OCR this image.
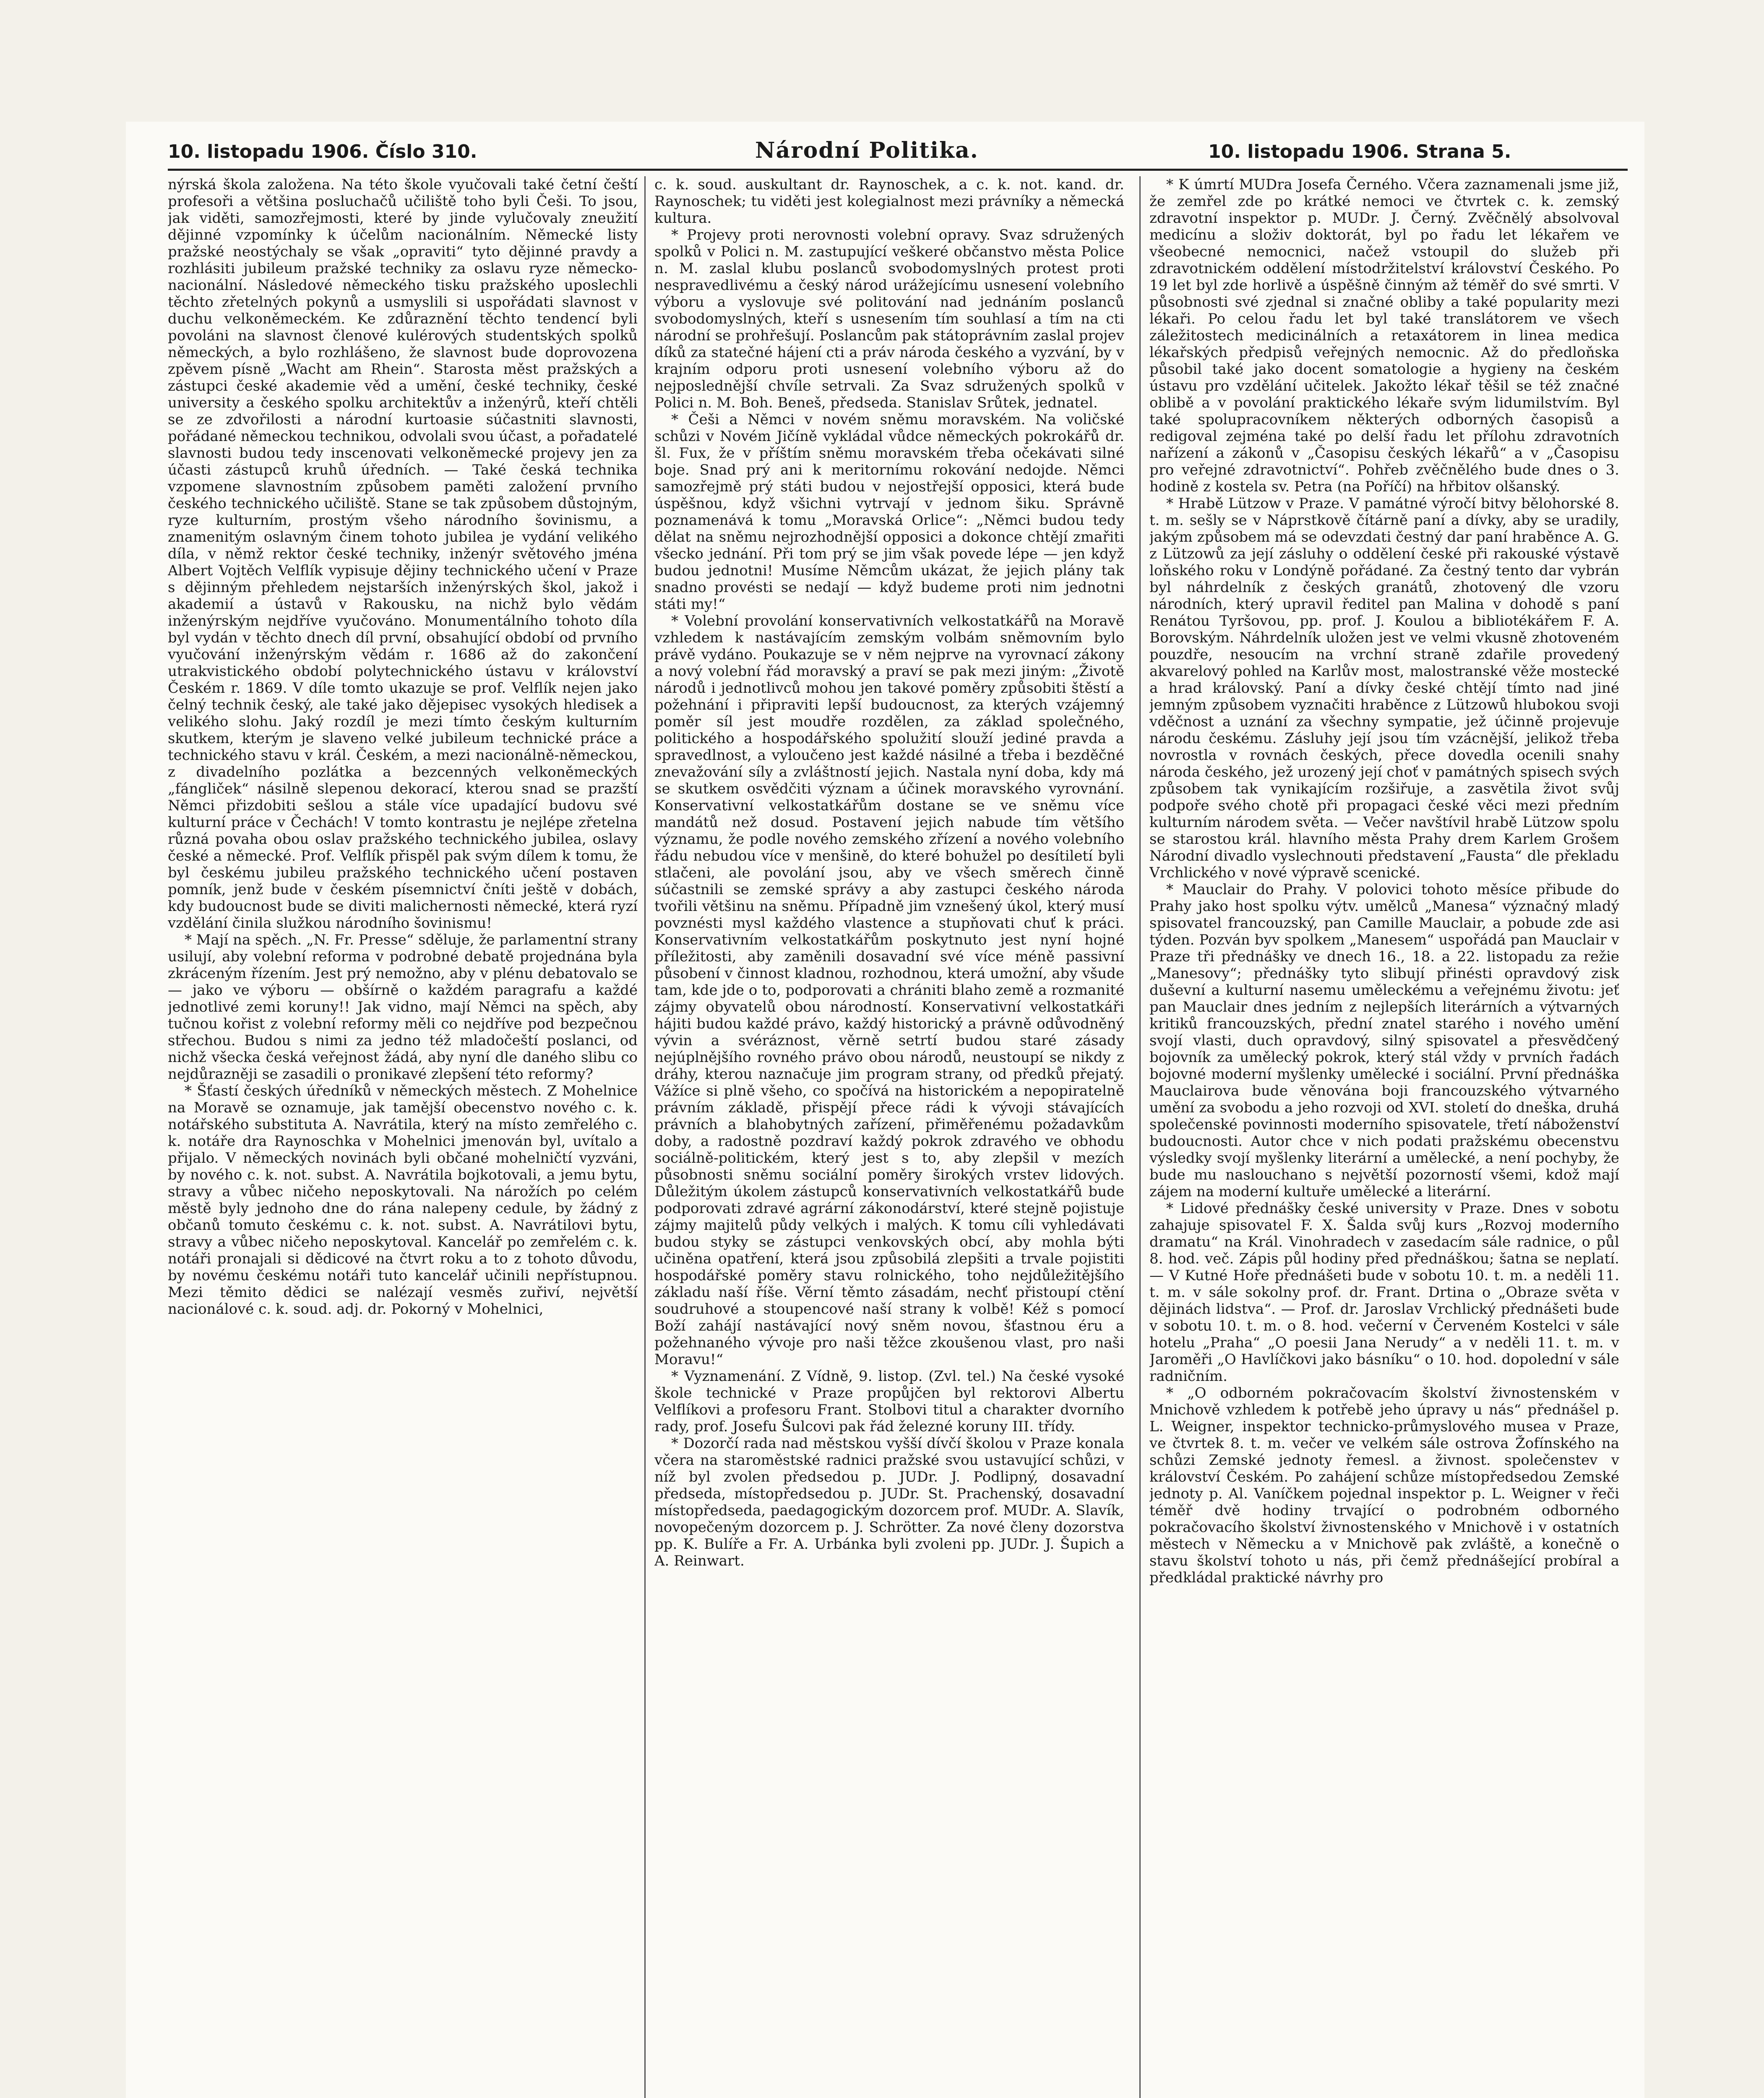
10. listopadu 1906. Číslo 310.	Národní Politika.	10. listopadu 1906. Strana 5.

nýrská škola založena. Na této škole vyučovali také četní čeští profesoři a většina posluchačů učiliště toho byli Češi. To jsou, jak viděti, samozřejmosti, které by jinde vylučovaly zneužití dějinné vzpomínky k účelům nacionálním. Německé listy pražské neostýchaly se však „opraviti“ tyto dějinné pravdy a rozhlásiti jubileum pražské techniky za oslavu ryze německo-nacionální. Následové německého tisku pražského uposlechli těchto zřetelných pokynů a usmyslili si uspořádati slavnost v duchu velkoněmeckém. Ke zdůraznění těchto tendencí byli povoláni na slavnost členové kulérových studentských spolků německých, a bylo rozhlášeno, že slavnost bude doprovozena zpěvem písně „Wacht am Rhein“. Starosta měst pražských a zástupci české akademie věd a umění, české techniky, české university a českého spolku architektův a inženýrů, kteří chtěli se ze zdvořilosti a národní kurtoasie súčastniti slavnosti, pořádané německou technikou, odvolali svou účast, a pořadatelé slavnosti budou tedy inscenovati velkoněmecké projevy jen za účasti zástupců kruhů úředních. — Také česká technika vzpomene slavnostním způsobem paměti založení prvního českého technického učiliště. Stane se tak způsobem důstojným, ryze kulturním, prostým všeho národního šovinismu, a znamenitým oslavným činem tohoto jubilea je vydání velikého díla, v němž rektor české techniky, inženýr světového jména Albert Vojtěch Velflík vypisuje dějiny technického učení v Praze s dějinným přehledem nejstarších inženýrských škol, jakož i akademií a ústavů v Rakousku, na nichž bylo vědám inženýrským nejdříve vyučováno. Monumentálního tohoto díla byl vydán v těchto dnech díl první, obsahující období od prvního vyučování inženýrským vědám r. 1686 až do zakončení utrakvistického období polytechnického ústavu v království Českém r. 1869. V díle tomto ukazuje se prof. Velflík nejen jako čelný technik český, ale také jako dějepisec vysokých hledisek a velikého slohu. Jaký rozdíl je mezi tímto českým kulturním skutkem, kterým je slaveno velké jubileum technické práce a technického stavu v král. Českém, a mezi nacionálně-německou, z divadelního pozlátka a bezcenných velkoněmeckých „fángliček“ násilně slepenou dekorací, kterou snad se prazští Němci přizdobiti sešlou a stále více upadající budovu své kulturní práce v Čechách! V tomto kontrastu je nejlépe zřetelna různá povaha obou oslav pražského technického jubilea, oslavy české a německé. Prof. Velflík přispěl pak svým dílem k tomu, že byl českému jubileu pražského technického učení postaven pomník, jenž bude v českém písemnictví čníti ještě v dobách, kdy budoucnost bude se diviti malichernosti německé, která ryzí vzdělání činila služkou národního šovinismu!

* Mají na spěch. „N. Fr. Presse“ sděluje, že parlamentní strany usilují, aby volební reforma v podrobné debatě projednána byla zkráceným řízením. Jest prý nemožno, aby v plénu debatovalo se — jako ve výboru — obšírně o každém paragrafu a každé jednotlivé zemi koruny!! Jak vidno, mají Němci na spěch, aby tučnou kořist z volební reformy měli co nejdříve pod bezpečnou střechou. Budou s nimi za jedno též mladočeští poslanci, od nichž všecka česká veřejnost žádá, aby nyní dle daného slibu co nejdůrazněji se zasadili o pronikavé zlepšení této reformy?

* Šťastí českých úředníků v německých městech. Z Mohelnice na Moravě se oznamuje, jak tamější obecenstvo nového c. k. notářského substituta A. Navrátila, který na místo zemřelého c. k. notáře dra Raynoschka v Mohelnici jmenován byl, uvítalo a přijalo. V německých novinách byli občané mohelničtí vyzváni, by nového c. k. not. subst. A. Navrátila bojkotovali, a jemu bytu, stravy a vůbec ničeho neposkytovali. Na nárožích po celém městě byly jednoho dne do rána nalepeny cedule, by žádný z občanů tomuto českému c. k. not. subst. A. Navrátilovi bytu, stravy a vůbec ničeho neposkytoval. Kancelář po zemřelém c. k. notáři pronajali si dědicové na čtvrt roku a to z tohoto důvodu, by novému českému notáři tuto kancelář učinili nepřístupnou. Mezi těmito dědici se nalézají vesměs zuřiví, největší nacionálové c. k. soud. adj. dr. Pokorný v Mohelnici,

c. k. soud. auskultant dr. Raynoschek, a c. k. not. kand. dr. Raynoschek; tu viděti jest kolegialnost mezi právníky a německá kultura.

* Projevy proti nerovnosti volební opravy. Svaz sdružených spolků v Polici n. M. zastupující veškeré občanstvo města Police n. M. zaslal klubu poslanců svobodomyslných protest proti nespravedlivému a český národ urážejícímu usnesení volebního výboru a vyslovuje své politování nad jednáním poslanců svobodomyslných, kteří s usnesením tím souhlasí a tím na cti národní se prohřešují. Poslancům pak státoprávním zaslal projev díků za statečné hájení cti a práv národa českého a vyzvání, by v krajním odporu proti usnesení volebního výboru až do nejposlednější chvíle setrvali. Za Svaz sdružených spolků v Polici n. M. Boh. Beneš, předseda. Stanislav Srůtek, jednatel.

* Češi a Němci v novém sněmu moravském. Na voličské schůzi v Novém Jičíně vykládal vůdce německých pokrokářů dr. šl. Fux, že v příštím sněmu moravském třeba očekávati silné boje. Snad prý ani k meritornímu rokování nedojde. Němci samozřejmě prý státi budou v nejostřejší opposici, která bude úspěšnou, když všichni vytrvají v jednom šiku. Správně poznamenává k tomu „Moravská Orlice“: „Němci budou tedy dělat na sněmu nejrozhodnější opposici a dokonce chtějí zmařiti všecko jednání. Při tom prý se jim však povede lépe — jen když budou jednotni! Musíme Němcům ukázat, že jejich plány tak snadno provésti se nedají — když budeme proti nim jednotni státi my!“

* Volební provolání konservativních velkostatkářů na Moravě vzhledem k nastávajícím zemským volbám sněmovním bylo právě vydáno. Poukazuje se v něm nejprve na vyrovnací zákony a nový volební řád moravský a praví se pak mezi jiným: „Životě národů i jednotlivců mohou jen takové poměry způsobiti štěstí a požehnání i připraviti lepší budoucnost, za kterých vzájemný poměr síl jest moudře rozdělen, za základ společného, politického a hospodářského spolužití slouží jediné pravda a spravedlnost, a vyloučeno jest každé násilné a třeba i bezděčné znevažování síly a zvláštností jejich. Nastala nyní doba, kdy má se skutkem osvědčiti význam a účinek moravského vyrovnání. Konservativní velkostatkářům dostane se ve sněmu více mandátů než dosud. Postavení jejich nabude tím většího významu, že podle nového zemského zřízení a nového volebního řádu nebudou více v menšině, do které bohužel po desítiletí byli stlačeni, ale povolání jsou, aby ve všech směrech činně súčastnili se zemské správy a aby zastupci českého národa tvořili většinu na sněmu. Případně jim vznešený úkol, který musí povznésti mysl každého vlastence a stupňovati chuť k práci. Konservativním velkostatkářům poskytnuto jest nyní hojné příležitosti, aby zaměnili dosavadní své více méně passivní působení v činnost kladnou, rozhodnou, která umožní, aby všude tam, kde jde o to, podporovati a chrániti blaho země a rozmanité zájmy obyvatelů obou národností. Konservativní velkostatkáři hájiti budou každé právo, každý historický a právně odůvodněný vývin a svéráznost, věrně setrtí budou staré zásady nejúplnějšího rovného právo obou národů, neustoupí se nikdy z dráhy, kterou naznačuje jim program strany, od předků přejatý. Vážíce si plně všeho, co spočívá na historickém a nepopiratelně právním základě, přispějí přece rádi k vývoji stávajících právních a blahobytných zařízení, přiměřenému požadavkům doby, a radostně pozdraví každý pokrok zdravého ve obhodu sociálně-politickém, který jest s to, aby zlepšil v mezích působnosti sněmu sociální poměry širokých vrstev lidových. Důležitým úkolem zástupců konservativních velkostatkářů bude podporovati zdravé agrární zákonodárství, které stejně pojistuje zájmy majitelů půdy velkých i malých. K tomu cíli vyhledávati budou styky se zástupci venkovských obcí, aby mohla býti učiněna opatření, která jsou způsobilá zlepšiti a trvale pojistiti hospodářské poměry stavu rolnického, toho nejdůležitějšího základu naší říše. Věrní těmto zásadám, nechť přistoupí ctění soudruhové a stoupencové naší strany k volbě! Kéž s pomocí Boží zahájí nastávající nový sněm novou, šťastnou éru a požehnaného vývoje pro naši těžce zkoušenou vlast, pro naši Moravu!“

* Vyznamenání. Z Vídně, 9. listop. (Zvl. tel.) Na české vysoké škole technické v Praze propůjčen byl rektorovi Albertu Velflíkovi a profesoru Frant. Stolbovi titul a charakter dvorního rady, prof. Josefu Šulcovi pak řád železné koruny III. třídy.

* Dozorčí rada nad městskou vyšší dívčí školou v Praze konala včera na staroměstské radnici pražské svou ustavující schůzi, v níž byl zvolen předsedou p. JUDr. J. Podlipný, dosavadní předseda, místopředsedou p. JUDr. St. Prachenský, dosavadní místopředseda, paedagogickým dozorcem prof. MUDr. A. Slavík, novopečeným dozorcem p. J. Schrötter. Za nové členy dozorstva pp. K. Bulíře a Fr. A. Urbánka byli zvoleni pp. JUDr. J. Šupich a A. Reinwart.

* K úmrtí MUDra Josefa Černého. Včera zaznamenali jsme již, že zemřel zde po krátké nemoci ve čtvrtek c. k. zemský zdravotní inspektor p. MUDr. J. Černý. Zvěčnělý absolvoval medicínu a složiv doktorát, byl po řadu let lékařem ve všeobecné nemocnici, načež vstoupil do služeb při zdravotnickém oddělení místodržitelství království Českého. Po 19 let byl zde horlivě a úspěšně činným až téměř do své smrti. V působnosti své zjednal si značné obliby a také popularity mezi lékaři. Po celou řadu let byl také translátorem ve všech záležitostech medicinálních a retaxátorem in linea medica lékařských předpisů veřejných nemocnic. Až do předloňska působil také jako docent somatologie a hygieny na českém ústavu pro vzdělání učitelek. Jakožto lékař těšil se též značné oblibě a v povolání praktického lékaře svým lidumilstvím. Byl také spolupracovníkem některých odborných časopisů a redigoval zejména také po delší řadu let přílohu zdravotních nařízení a zákonů v „Časopisu českých lékařů“ a v „Časopisu pro veřejné zdravotnictví“. Pohřeb zvěčnělého bude dnes o 3. hodině z kostela sv. Petra (na Poříčí) na hřbitov olšanský.

* Hrabě Lützow v Praze. V památné výročí bitvy bělohorské 8. t. m. sešly se v Náprstkově čítárně paní a dívky, aby se uradily, jakým způsobem má se odevzdati čestný dar paní hraběnce A. G. z Lützowů za její zásluhy o oddělení české při rakouské výstavě loňského roku v Londýně pořádané. Za čestný tento dar vybrán byl náhrdelník z českých granátů, zhotovený dle vzoru národních, který upravil ředitel pan Malina v dohodě s paní Renátou Tyršovou, pp. prof. J. Koulou a bibliotékářem F. A. Borovským. Náhrdelník uložen jest ve velmi vkusně zhotoveném pouzdře, nesoucím na vrchní straně zdařile provedený akvarelový pohled na Karlův most, malostranské věže mostecké a hrad královský. Paní a dívky české chtějí tímto nad jiné jemným způsobem vyznačiti hraběnce z Lützowů hlubokou svoji vděčnost a uznání za všechny sympatie, jež účinně projevuje národu českému. Zásluhy její jsou tím vzácnější, jelikož třeba novrostla v rovnách českých, přece dovedla ocenili snahy národa českého, jež urozený její choť v památných spisech svých způsobem tak vynikajícím rozšiřuje, a zasvětila život svůj podpoře svého chotě při propagaci české věci mezi předním kulturním národem světa. — Večer navštívil hrabě Lützow spolu se starostou král. hlavního města Prahy drem Karlem Grošem Národní divadlo vyslechnouti představení „Fausta“ dle překladu Vrchlického v nové výpravě scenické.

* Mauclair do Prahy. V polovici tohoto měsíce přibude do Prahy jako host spolku výtv. umělců „Manesa“ význačný mladý spisovatel francouzský, pan Camille Mauclair, a pobude zde asi týden. Pozván byv spolkem „Manesem“ uspořádá pan Mauclair v Praze tři přednášky ve dnech 16., 18. a 22. listopadu za režie „Manesovy“; přednášky tyto slibují přinésti opravdový zisk duševní a kulturní nasemu uměleckému a veřejnému životu: jeť pan Mauclair dnes jedním z nejlepších literárních a výtvarných kritiků francouzských, přední znatel starého i nového umění svojí vlasti, duch opravdový, silný spisovatel a přesvědčený bojovník za umělecký pokrok, který stál vždy v prvních řadách bojovné moderní myšlenky umělecké i sociální. První přednáška Mauclairova bude věnována boji francouzského výtvarného umění za svobodu a jeho rozvoji od XVI. století do dneška, druhá společenské povinnosti moderního spisovatele, třetí náboženství budoucnosti. Autor chce v nich podati pražskému obecenstvu výsledky svojí myšlenky literární a umělecké, a není pochyby, že bude mu naslouchano s největší pozorností všemi, kdož mají zájem na moderní kultuře umělecké a literární.

* Lidové přednášky české university v Praze. Dnes v sobotu zahajuje spisovatel F. X. Šalda svůj kurs „Rozvoj moderního dramatu“ na Král. Vinohradech v zasedacím sále radnice, o půl 8. hod. več. Zápis půl hodiny před přednáškou; šatna se neplatí. — V Kutné Hoře přednášeti bude v sobotu 10. t. m. a neděli 11. t. m. v sále sokolny prof. dr. Frant. Drtina o „Obraze světa v dějinách lidstva“. — Prof. dr. Jaroslav Vrchlický přednášeti bude v sobotu 10. t. m. o 8. hod. večerní v Červeném Kostelci v sále hotelu „Praha“ „O poesii Jana Nerudy“ a v neděli 11. t. m. v Jaroměři „O Havlíčkovi jako básníku“ o 10. hod. dopolední v sále radničním.

* „O odborném pokračovacím školství živnostenském v Mnichově vzhledem k potřebě jeho úpravy u nás“ přednášel p. L. Weigner, inspektor technicko-průmyslového musea v Praze, ve čtvrtek 8. t. m. večer ve velkém sále ostrova Žofínského na schůzi Zemské jednoty řemesl. a živnost. společenstev v království Českém. Po zahájení schůze místopředsedou Zemské jednoty p. Al. Vaníčkem pojednal inspektor p. L. Weigner v řeči téměř dvě hodiny trvající o podrobném odborného pokračovacího školství živnostenského v Mnichově i v ostatních městech v Německu a v Mnichově pak zvláště, a konečně o stavu školství tohoto u nás, při čemž přednášející probíral a předkládal praktické návrhy pro
